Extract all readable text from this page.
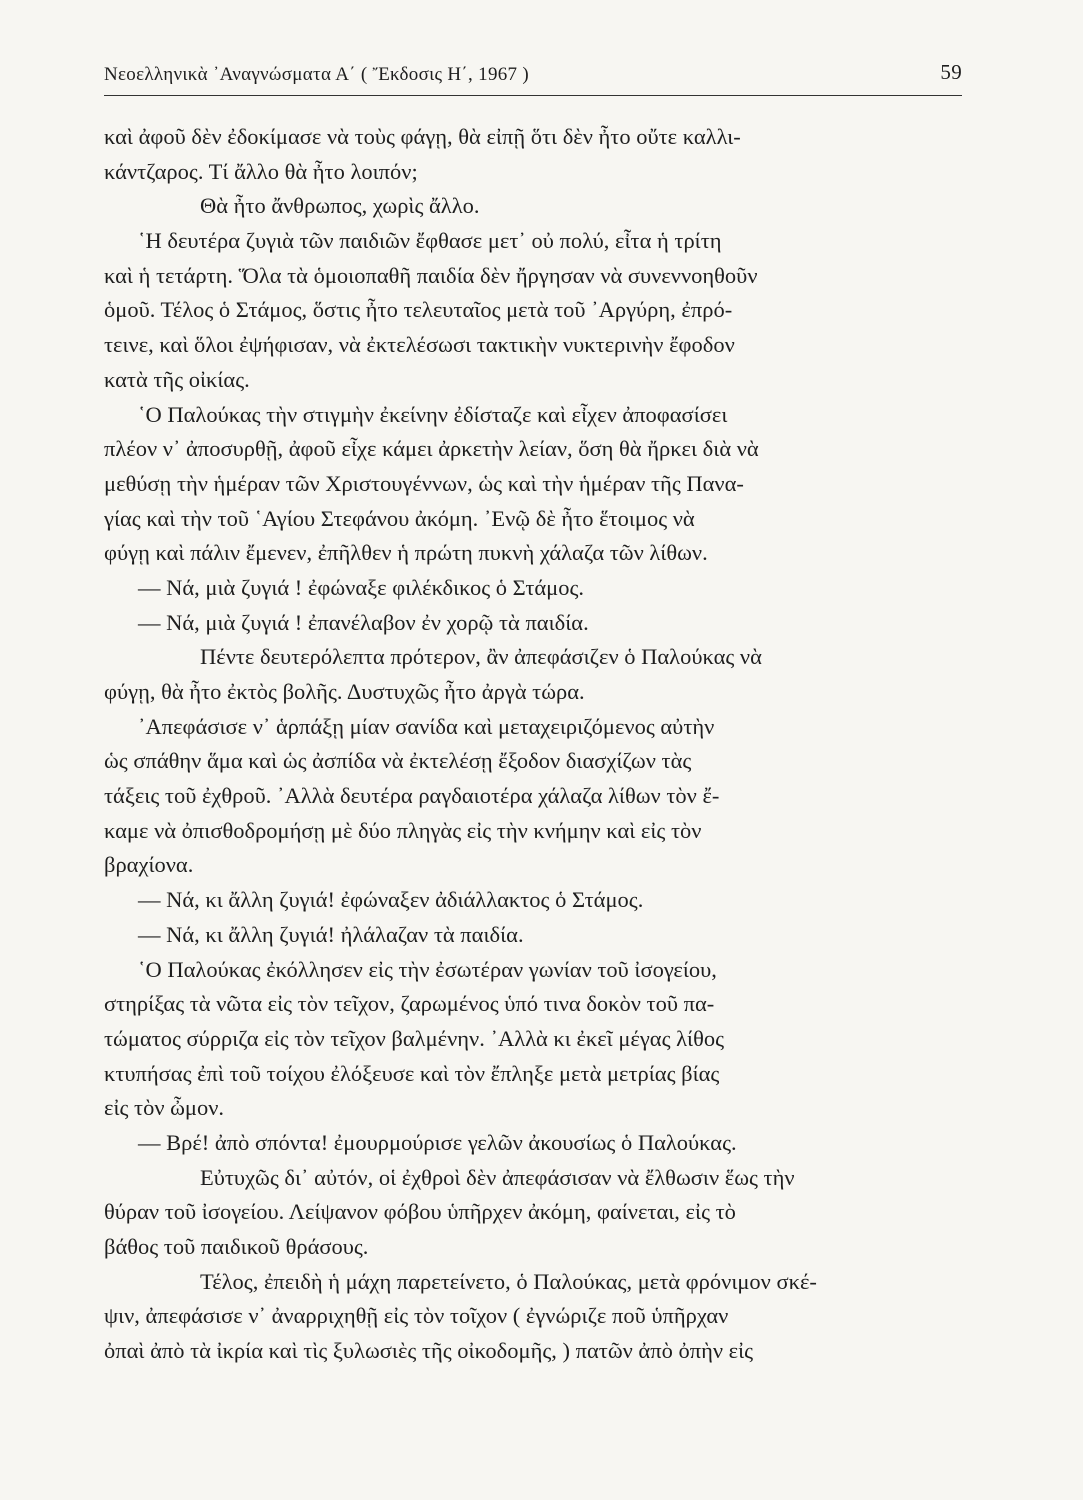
Νεοελληνικὰ ᾿Αναγνώσματα Α΄ ( Ἔκδοσις Η΄, 1967 )	59
καὶ ἀφοῦ δὲν ἐδοκίμασε νὰ τοὺς φάγῃ, θὰ εἰπῇ ὅτι δὲν ἦτο οὔτε καλλι-
κάντζαρος. Τί ἄλλο θὰ ἦτο λοιπόν;
Θὰ ἦτο ἄνθρωπος, χωρὶς ἄλλο.
῾Η δευτέρα ζυγιὰ τῶν παιδιῶν ἔφθασε μετ᾿ οὐ πολύ, εἶτα ἡ τρίτη
καὶ ἡ τετάρτη. Ὅλα τὰ ὁμοιοπαθῆ παιδία δὲν ἤργησαν νὰ συνεννοηθοῦν
ὁμοῦ. Τέλος ὁ Στάμος, ὅστις ἦτο τελευταῖος μετὰ τοῦ ᾿Αργύρη, ἐπρό-
τεινε, καὶ ὅλοι ἐψήφισαν, νὰ ἐκτελέσωσι τακτικὴν νυκτερινὴν ἔφοδον
κατὰ τῆς οἰκίας.
῾Ο Παλούκας τὴν στιγμὴν ἐκείνην ἐδίσταζε καὶ εἶχεν ἀποφασίσει
πλέον ν᾿ ἀποσυρθῇ, ἀφοῦ εἶχε κάμει ἀρκετὴν λείαν, ὅση θὰ ἤρκει διὰ νὰ
μεθύσῃ τὴν ἡμέραν τῶν Χριστουγέννων, ὡς καὶ τὴν ἡμέραν τῆς Πανα-
γίας καὶ τὴν τοῦ ῾Αγίου Στεφάνου ἀκόμη. ᾿Ενῷ δὲ ἦτο ἕτοιμος νὰ
φύγῃ καὶ πάλιν ἔμενεν, ἐπῆλθεν ἡ πρώτη πυκνὴ χάλαζα τῶν λίθων.
— Νά, μιὰ ζυγιά ! ἐφώναξε φιλέκδικος ὁ Στάμος.
— Νά, μιὰ ζυγιά ! ἐπανέλαβον ἐν χορῷ τὰ παιδία.
Πέντε δευτερόλεπτα πρότερον, ἂν ἀπεφάσιζεν ὁ Παλούκας νὰ
φύγῃ, θὰ ἦτο ἐκτὸς βολῆς. Δυστυχῶς ἦτο ἀργὰ τώρα.
᾿Απεφάσισε ν᾿ ἁρπάξῃ μίαν σανίδα καὶ μεταχειριζόμενος αὐτὴν
ὡς σπάθην ἅμα καὶ ὡς ἀσπίδα νὰ ἐκτελέσῃ ἔξοδον διασχίζων τὰς
τάξεις τοῦ ἐχθροῦ. ᾿Αλλὰ δευτέρα ραγδαιοτέρα χάλαζα λίθων τὸν ἔ-
καμε νὰ ὀπισθοδρομήσῃ μὲ δύο πληγὰς εἰς τὴν κνήμην καὶ εἰς τὸν
βραχίονα.
— Νά, κι ἄλλη ζυγιά! ἐφώναξεν ἀδιάλλακτος ὁ Στάμος.
— Νά, κι ἄλλη ζυγιά! ἠλάλαζαν τὰ παιδία.
῾Ο Παλούκας ἐκόλλησεν εἰς τὴν ἐσωτέραν γωνίαν τοῦ ἰσογείου,
στηρίξας τὰ νῶτα εἰς τὸν τεῖχον, ζαρωμένος ὑπό τινα δοκὸν τοῦ πα-
τώματος σύρριζα εἰς τὸν τεῖχον βαλμένην. ᾿Αλλὰ κι ἐκεῖ μέγας λίθος
κτυπήσας ἐπὶ τοῦ τοίχου ἐλόξευσε καὶ τὸν ἔπληξε μετὰ μετρίας βίας
εἰς τὸν ὦμον.
— Βρέ! ἀπὸ σπόντα! ἐμουρμούρισε γελῶν ἀκουσίως ὁ Παλούκας.
Εὐτυχῶς δι᾿ αὐτόν, οἱ ἐχθροὶ δὲν ἀπεφάσισαν νὰ ἔλθωσιν ἕως τὴν
θύραν τοῦ ἰσογείου. Λείψανον φόβου ὑπῆρχεν ἀκόμη, φαίνεται, εἰς τὸ
βάθος τοῦ παιδικοῦ θράσους.
Τέλος, ἐπειδὴ ἡ μάχη παρετείνετο, ὁ Παλούκας, μετὰ φρόνιμον σκέ-
ψιν, ἀπεφάσισε ν᾿ ἀναρριχηθῇ εἰς τὸν τοῖχον ( ἐγνώριζε ποῦ ὑπῆρχαν
ὀπαὶ ἀπὸ τὰ ἰκρία καὶ τὶς ξυλωσιὲς τῆς οἰκοδομῆς, ) πατῶν ἀπὸ ὀπὴν εἰς
